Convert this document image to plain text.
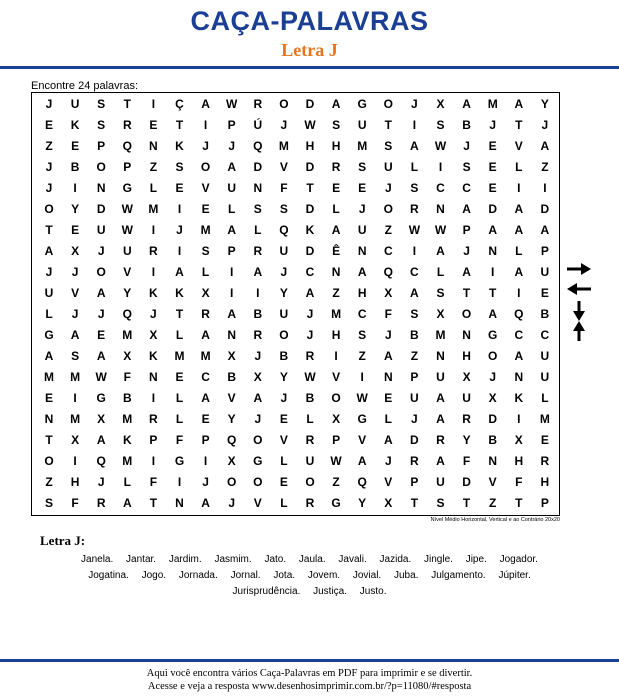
CAÇA-PALAVRAS
Letra J
Encontre 24 palavras:
J	U	S	T	I	Ç	A	W	R	O	D	A	G	O	J	X	A	M	A	Y
E	K	S	R	E	T	I	P	Ú	J	W	S	U	T	I	S	B	J	T	J
Z	E	P	Q	N	K	J	J	Q	M	H	H	M	S	A	W	J	E	V	A
J	B	O	P	Z	S	O	A	D	V	D	R	S	U	L	I	S	E	L	Z
J	I	N	G	L	E	V	U	N	F	T	E	E	J	S	C	C	E	I	I
O	Y	D	W	M	I	E	L	S	S	D	L	J	O	R	N	A	D	A	D
T	E	U	W	I	J	M	A	L	Q	K	A	U	Z	W	W	P	A	A	A
A	X	J	U	R	I	S	P	R	U	D	Ê	N	C	I	A	J	N	L	P
J	J	O	V	I	A	L	I	A	J	C	N	A	Q	C	L	A	I	A	U
U	V	A	Y	K	K	X	I	I	Y	A	Z	H	X	A	S	T	T	I	E
L	J	J	Q	J	T	R	A	B	U	J	M	C	F	S	X	O	A	Q	B
G	A	E	M	X	L	A	N	R	O	J	H	S	J	B	M	N	G	C	C
A	S	A	X	K	M	M	X	J	B	R	I	Z	A	Z	N	H	O	A	U
M	M	W	F	N	E	C	B	X	Y	W	V	I	N	P	U	X	J	N	U
E	I	G	B	I	L	A	V	A	J	B	O	W	E	U	A	U	X	K	L
N	M	X	M	R	L	E	Y	J	E	L	X	G	L	J	A	R	D	I	M
T	X	A	K	P	F	P	Q	O	V	R	P	V	A	D	R	Y	B	X	E
O	I	Q	M	I	G	I	X	G	L	U	W	A	J	R	A	F	N	H	R
Z	H	J	L	F	I	J	O	O	E	O	Z	Q	V	P	U	D	V	F	H
S	F	R	A	T	N	A	J	V	L	R	G	Y	X	T	S	T	Z	T	P
Nível Médio Horizontal, Vertical e ao Contrário 20x20
Letra J:
Janela. Jantar. Jardim. Jasmim. Jato. Jaula. Javali. Jazida. Jingle. Jipe. Jogador.
Jogatina. Jogo. Jornada. Jornal. Jota. Jovem. Jovial. Juba. Julgamento. Júpiter.
Jurisprudência. Justiça. Justo.
Aqui você encontra vários Caça-Palavras em PDF para imprimir e se divertir.
Acesse e veja a resposta www.desenhosimprimir.com.br/?p=11080/#resposta
